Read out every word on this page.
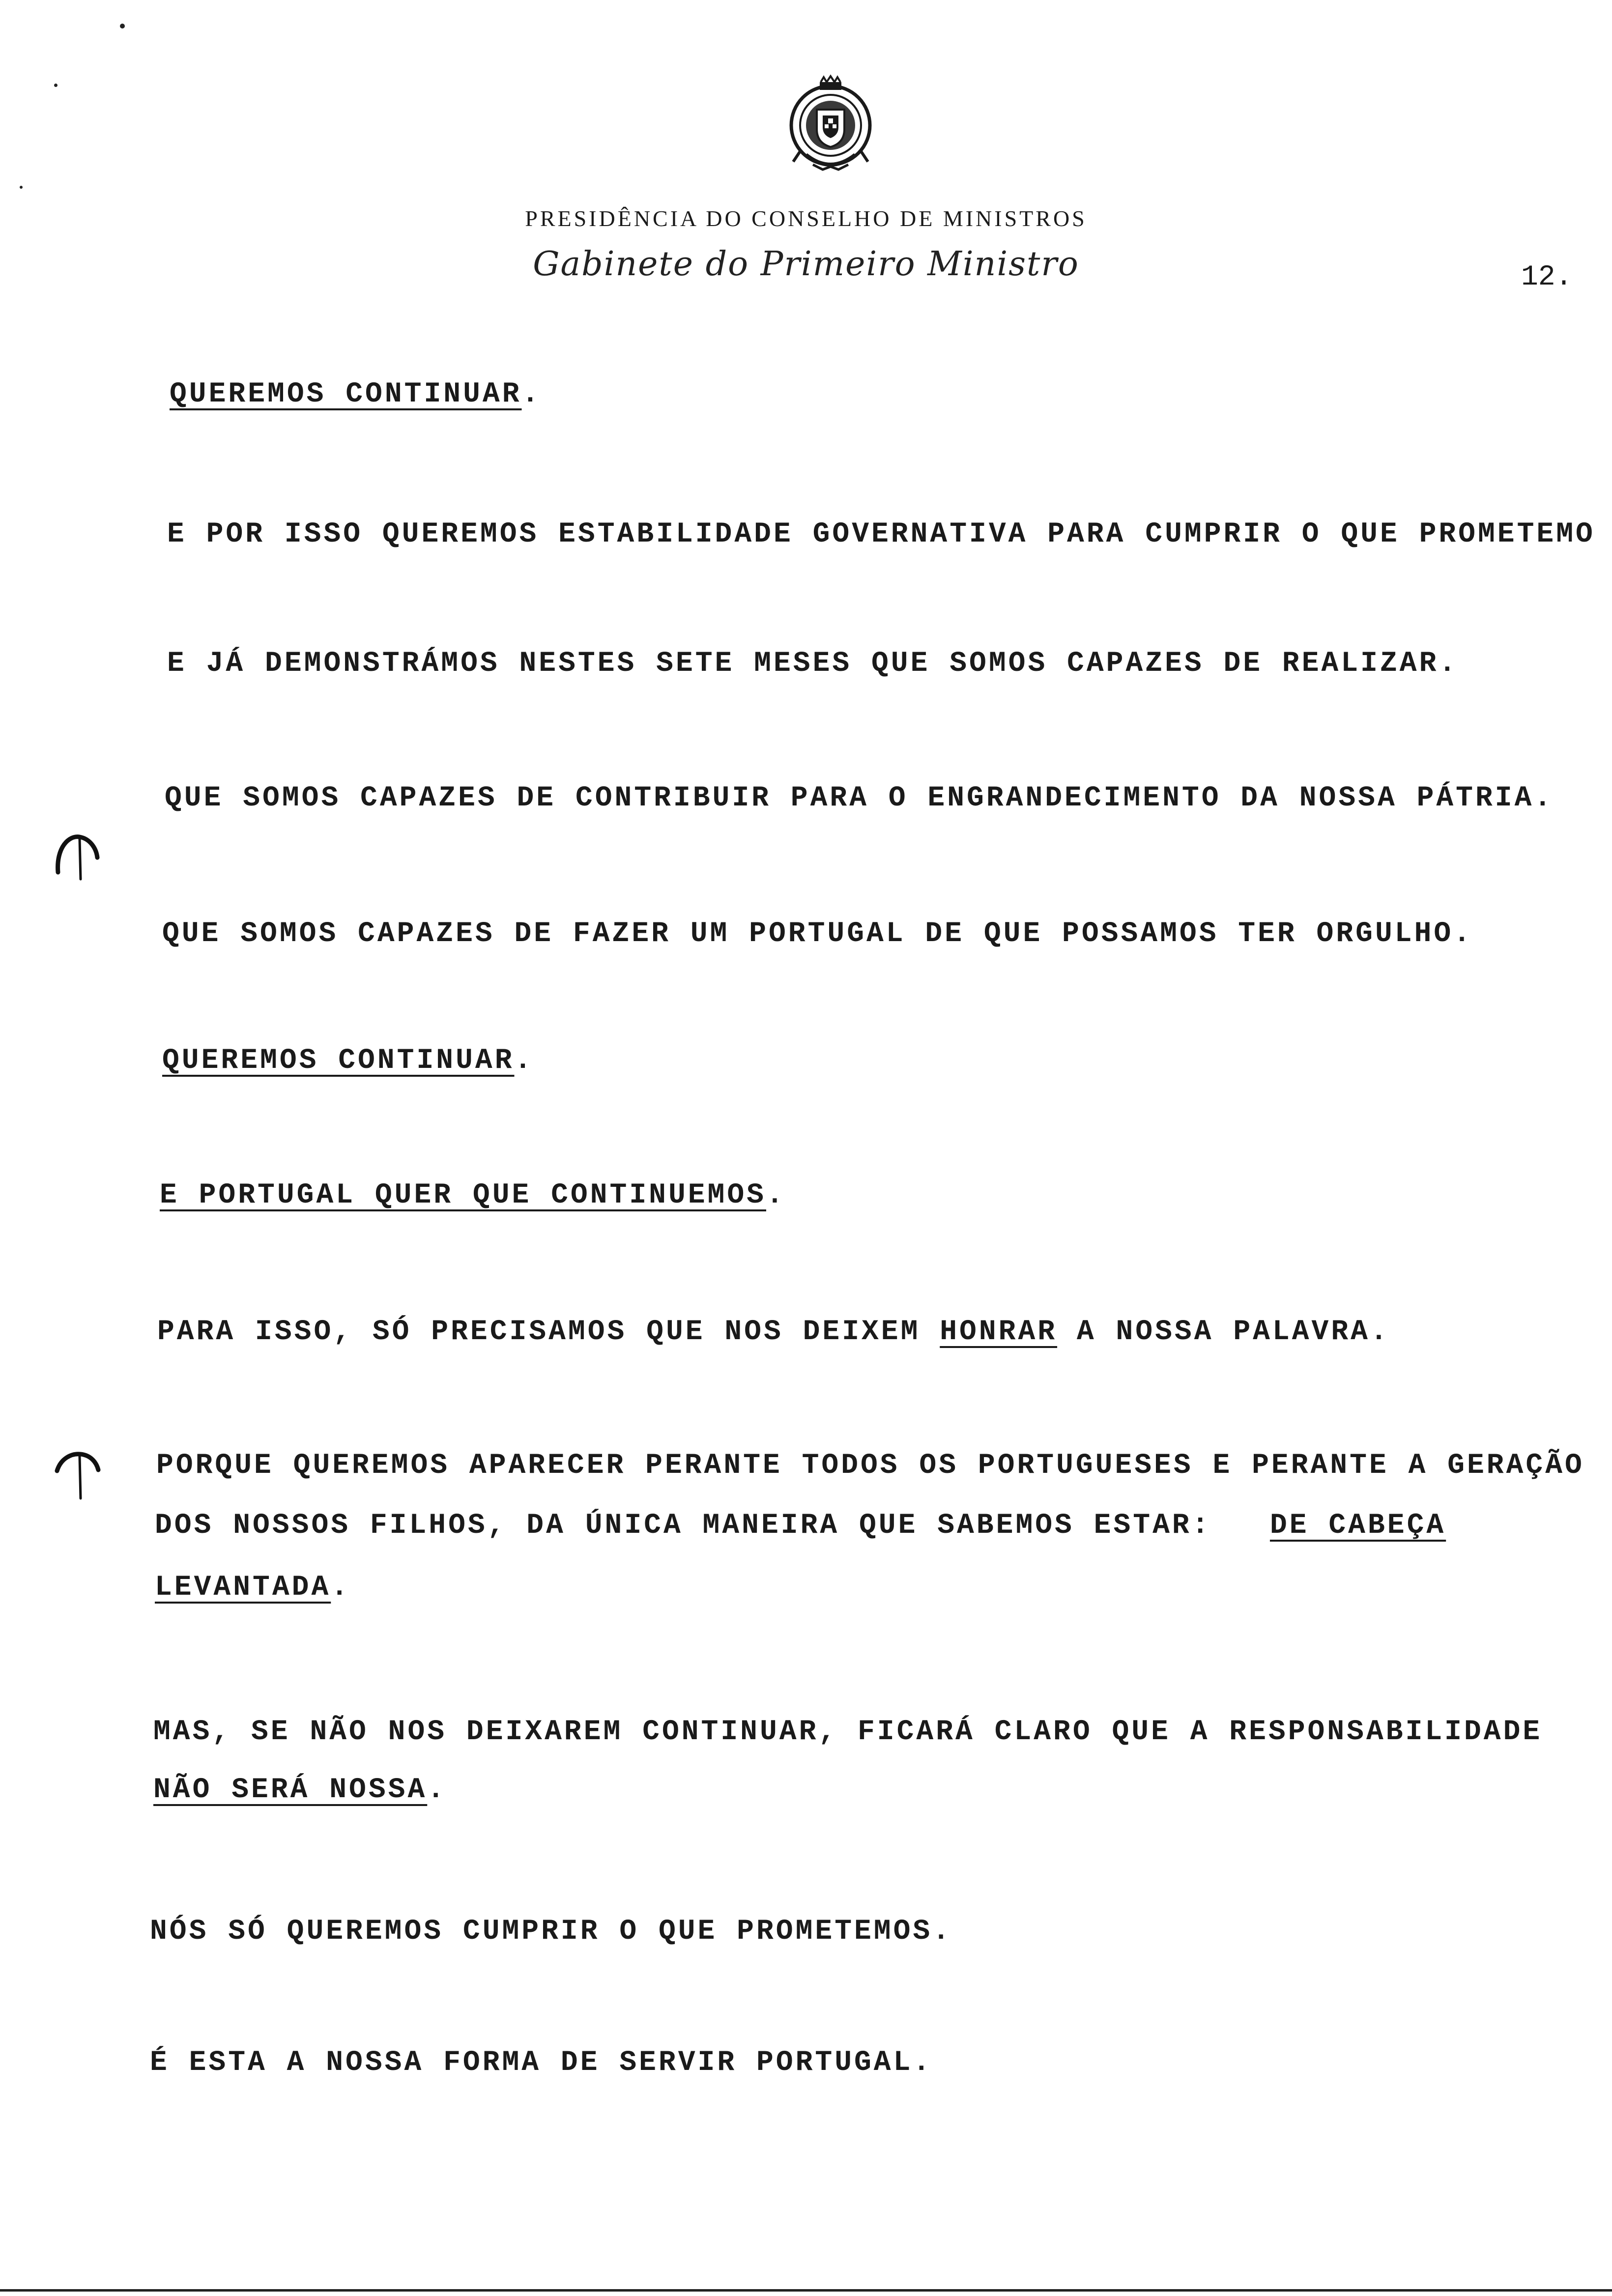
PRESIDÊNCIA DO CONSELHO DE MINISTROS
Gabinete do Primeiro Ministro	12.
QUEREMOS CONTINUAR.
E POR ISSO QUEREMOS ESTABILIDADE GOVERNATIVA PARA CUMPRIR O QUE PROMETEMO
E JÁ DEMONSTRÁMOS NESTES SETE MESES QUE SOMOS CAPAZES DE REALIZAR.
QUE SOMOS CAPAZES DE CONTRIBUIR PARA O ENGRANDECIMENTO DA NOSSA PÁTRIA.
QUE SOMOS CAPAZES DE FAZER UM PORTUGAL DE QUE POSSAMOS TER ORGULHO.
QUEREMOS CONTINUAR.
E PORTUGAL QUER QUE CONTINUEMOS.
PARA ISSO, SÓ PRECISAMOS QUE NOS DEIXEM HONRAR A NOSSA PALAVRA.
PORQUE QUEREMOS APARECER PERANTE TODOS OS PORTUGUESES E PERANTE A GERAÇÃO
DOS NOSSOS FILHOS, DA ÚNICA MANEIRA QUE SABEMOS ESTAR:   DE CABEÇA
LEVANTADA.
MAS, SE NÃO NOS DEIXAREM CONTINUAR, FICARÁ CLARO QUE A RESPONSABILIDADE
NÃO SERÁ NOSSA.
NÓS SÓ QUEREMOS CUMPRIR O QUE PROMETEMOS.
É ESTA A NOSSA FORMA DE SERVIR PORTUGAL.
